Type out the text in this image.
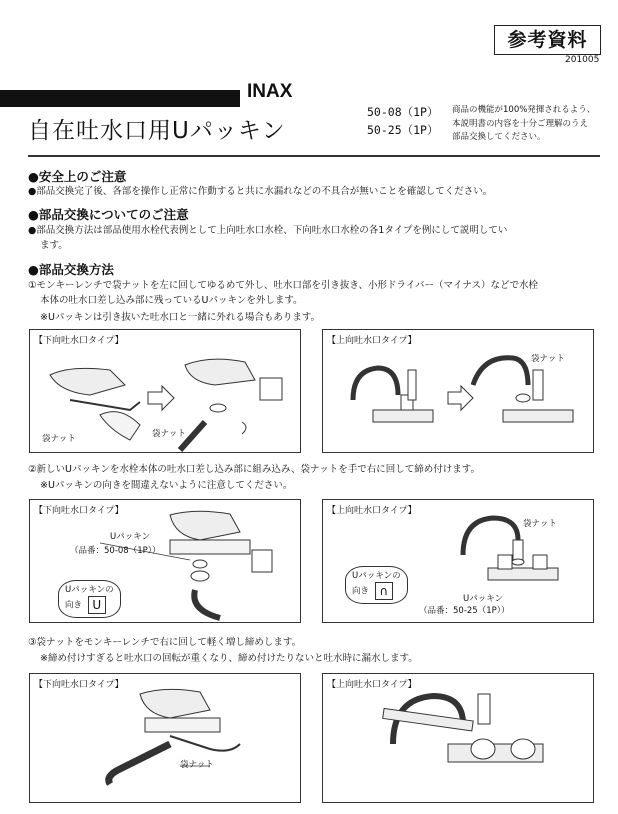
参考資料
201005
INAX
自在吐水口用Uパッキン
50-08（1P）
50-25（1P）
商品の機能が100%発揮されるよう、
本説明書の内容を十分ご理解のうえ
部品交換してください。
●安全上のご注意
●部品交換完了後、各部を操作し正常に作動すると共に水漏れなどの不具合が無いことを確認してください。
●部品交換についてのご注意
●部品交換方法は部品使用水栓代表例として上向吐水口水栓、下向吐水口水栓の各1タイプを例にして説明してい
ます。
●部品交換方法
①モンキーレンチで袋ナットを左に回してゆるめて外し、吐水口部を引き抜き、小形ドライバー（マイナス）などで水栓
本体の吐水口差し込み部に残っているUパッキンを外します。
※Uパッキンは引き抜いた吐水口と一緒に外れる場合もあります。
【下向吐水口タイプ】
袋ナット	袋ナット
【上向吐水口タイプ】
袋ナット
②新しいUパッキンを水栓本体の吐水口差し込み部に組み込み、袋ナットを手で右に回して締め付けます。
※Uパッキンの向きを間違えないように注意してください。
【下向吐水口タイプ】
Uパッキン
（品番：50-08（1P））
Uパッキンの
向き U
【上向吐水口タイプ】
袋ナット
Uパッキンの
向き ∩
Uパッキン
（品番：50-25（1P））
③袋ナットをモンキーレンチで右に回して軽く増し締めします。
※締め付けすぎると吐水口の回転が重くなり、締め付けたりないと吐水時に漏水します。
【下向吐水口タイプ】
袋ナット
【上向吐水口タイプ】
